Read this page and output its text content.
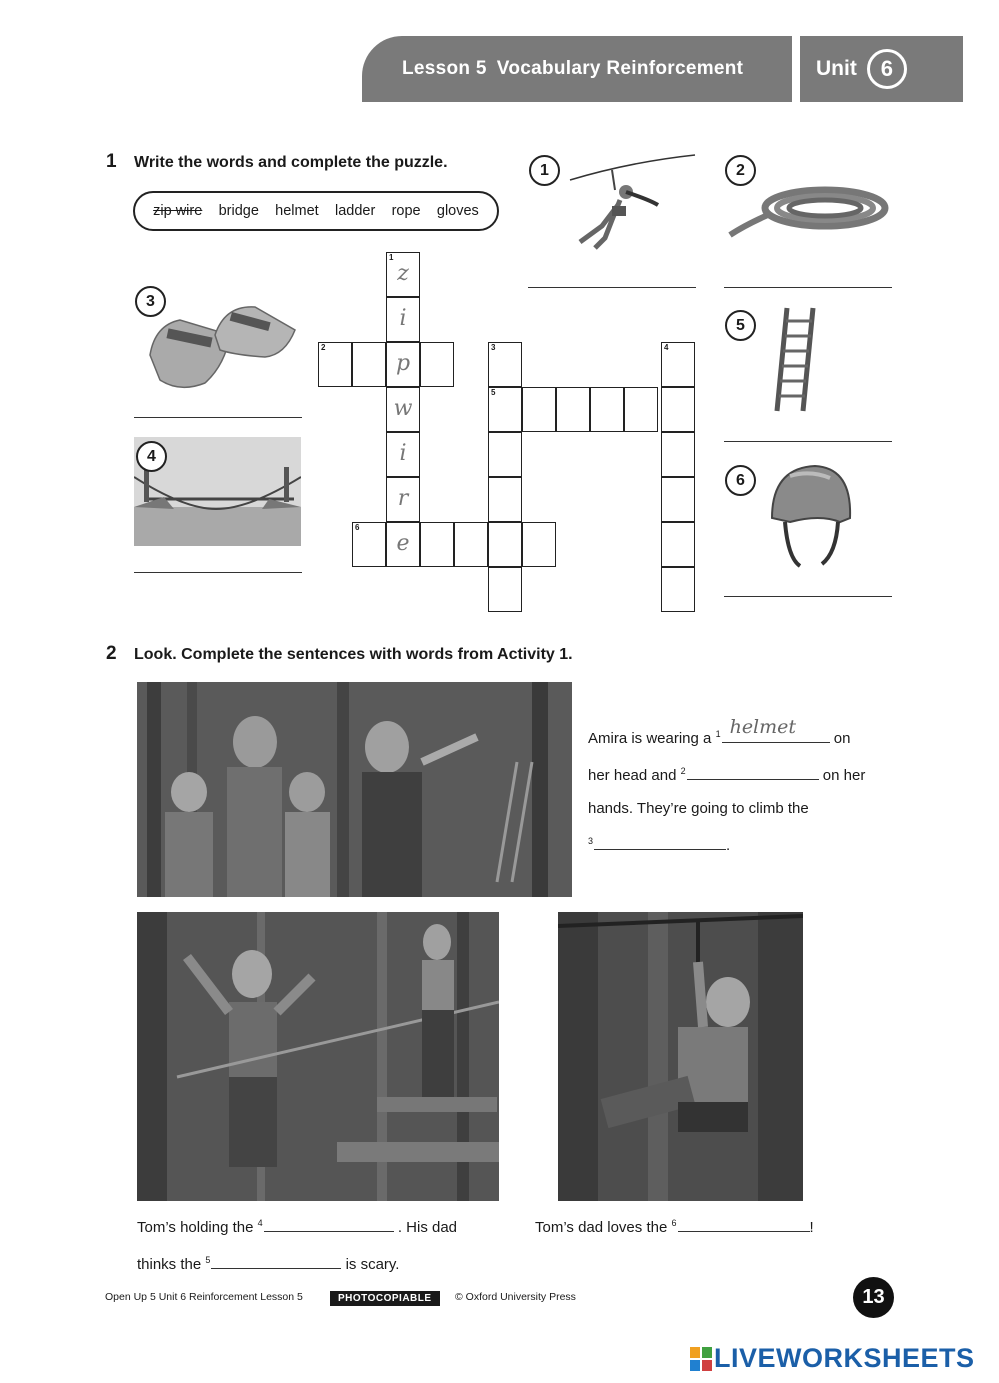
Lesson 5 Vocabulary Reinforcement	Unit	6
1 Write the words and complete the puzzle.
zip wire bridge helmet ladder rope gloves
1	2
3
4
5
6
1
z
i
p
w
i
r
e
2
6
3
5
4
2 Look. Complete the sentences with words from Activity 1.
Amira is wearing a $^1$ helmet
on
her head and $^2$	on her
hands. They’re going to climb the
$^3$	.
Tom’s holding the $^4$	. His dad
thinks the $^5$	is scary.
Tom’s dad loves the $^6$	!
Open Up 5 Unit 6 Reinforcement Lesson 5	PHOTOCOPIABLE	© Oxford University Press	13
LIVEWORKSHEETS
